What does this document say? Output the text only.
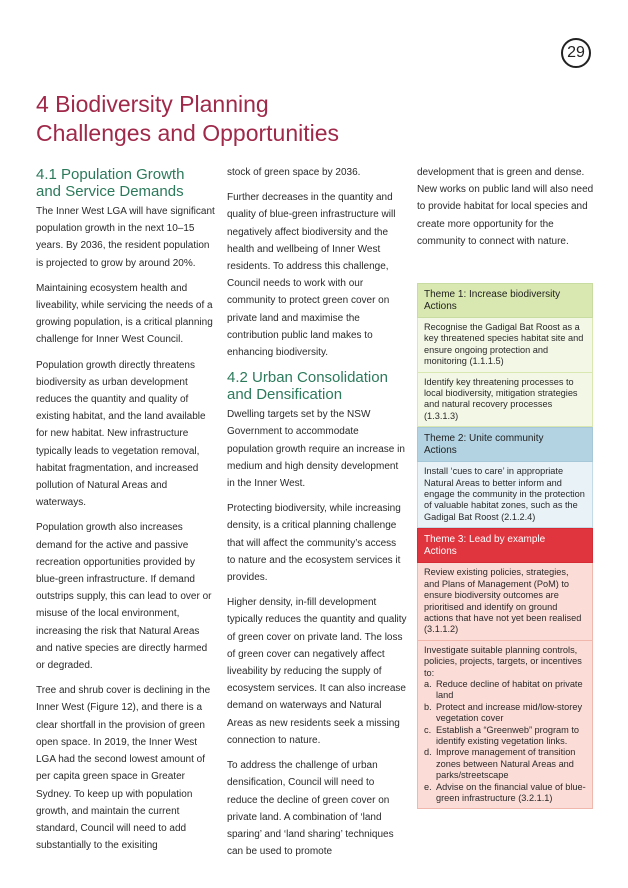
29
4 Biodiversity Planning
Challenges and Opportunities
4.1 Population Growth
and Service Demands

The Inner West LGA will have significant population growth in the next 10–15 years. By 2036, the resident population is projected to grow by around 20%.

Maintaining ecosystem health and liveability, while servicing the needs of a growing population, is a critical planning challenge for Inner West Council.

Population growth directly threatens biodiversity as urban development reduces the quantity and quality of existing habitat, and the land available for new habitat. New infrastructure typically leads to vegetation removal, habitat fragmentation, and increased pollution of Natural Areas and waterways.

Population growth also increases demand for the active and passive recreation opportunities provided by blue-green infrastructure. If demand outstrips supply, this can lead to over or misuse of the local environment, increasing the risk that Natural Areas and native species are directly harmed or degraded.

Tree and shrub cover is declining in the Inner West (Figure 12), and there is a clear shortfall in the provision of green open space. In 2019, the Inner West LGA had the second lowest amount of per capita green space in Greater Sydney. To keep up with population growth, and maintain the current standard, Council will need to add substantially to the exisiting

stock of green space by 2036.

Further decreases in the quantity and quality of blue-green infrastructure will negatively affect biodiversity and the health and wellbeing of Inner West residents. To address this challenge, Council needs to work with our community to protect green cover on private land and maximise the contribution public land makes to enhancing biodiversity.

4.2 Urban Consolidation
and Densification

Dwelling targets set by the NSW Government to accommodate population growth require an increase in medium and high density development in the Inner West.

Protecting biodiversity, while increasing density, is a critical planning challenge that will affect the community’s access to nature and the ecosystem services it provides.

Higher density, in-fill development typically reduces the quantity and quality of green cover on private land. The loss of green cover can negatively affect liveability by reducing the supply of ecosystem services. It can also increase demand on waterways and Natural Areas as new residents seek a missing connection to nature.

To address the challenge of urban densification, Council will need to reduce the decline of green cover on private land. A combination of ‘land sparing’ and ‘land sharing’ techniques can be used to promote

development that is green and dense. New works on public land will also need to provide habitat for local species and create more opportunity for the community to connect with nature.

Theme 1: Increase biodiversity
Actions
Recognise the Gadigal Bat Roost as a key threatened species habitat site and ensure ongoing protection and monitoring (1.1.1.5)
Identify key threatening processes to local biodiversity, mitigation strategies and natural recovery processes (1.3.1.3)
Theme 2: Unite community
Actions
Install ‘cues to care’ in appropriate Natural Areas to better inform and engage the community in the protection of valuable habitat zones, such as the Gadigal Bat Roost (2.1.2.4)
Theme 3: Lead by example
Actions
Review existing policies, strategies, and Plans of Management (PoM) to ensure biodiversity outcomes are prioritised and identify on ground actions that have not yet been realised (3.1.1.2)
Investigate suitable planning controls, policies, projects, targets, or incentives to:
a. Reduce decline of habitat on private land
b. Protect and increase mid/low-storey vegetation cover
c. Establish a “Greenweb” program to identify existing vegetation links.
d. Improve management of transition zones between Natural Areas and parks/streetscape
e. Advise on the financial value of blue-green infrastructure (3.2.1.1)
